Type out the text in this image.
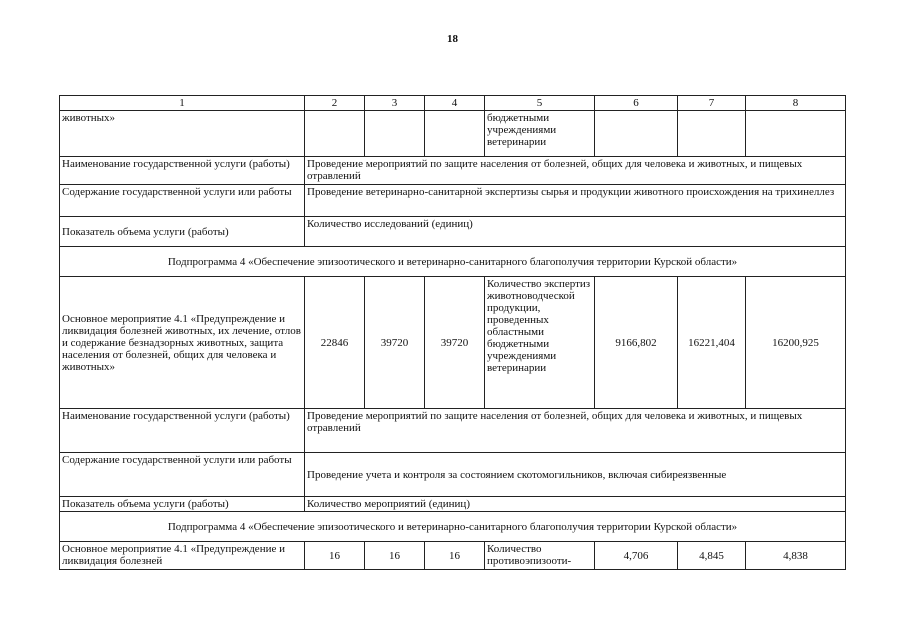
18
1	2	3	4	5	6	7	8
животных»				бюджетными учреждениями ветеринарии			
Наименование государственной услуги (работы)	Проведение мероприятий по защите населения от болезней, общих для человека и животных, и пищевых отравлений						
Содержание государственной услуги или работы	Проведение ветеринарно-санитарной экспертизы сырья и продукции животного происхождения на трихинеллез						
Показатель объема услуги (работы)	Количество исследований (единиц)						
Подпрограмма 4 «Обеспечение эпизоотического и ветеринарно-санитарного благополучия территории Курской области»							
Основное мероприятие 4.1 «Предупреждение и ликвидация болезней животных, их лечение, отлов и содержание безнадзорных животных, защита населения от болезней, общих для человека и животных»	22846	39720	39720	Количество экспертиз животноводческой продукции, проведенных областными бюджетными учреждениями ветеринарии	9166,802	16221,404	16200,925
Наименование государственной услуги (работы)	Проведение мероприятий по защите населения от болезней, общих для человека и животных, и пищевых отравлений						
Содержание государственной услуги или работы	Проведение учета и контроля за состоянием скотомогильников, включая сибиреязвенные						
Показатель объема услуги (работы)	Количество мероприятий (единиц)						
Подпрограмма 4 «Обеспечение эпизоотического и ветеринарно-санитарного благополучия территории Курской области»							
Основное мероприятие 4.1 «Предупреждение и ликвидация болезней	16	16	16	Количество противоэпизооти-	4,706	4,845	4,838
